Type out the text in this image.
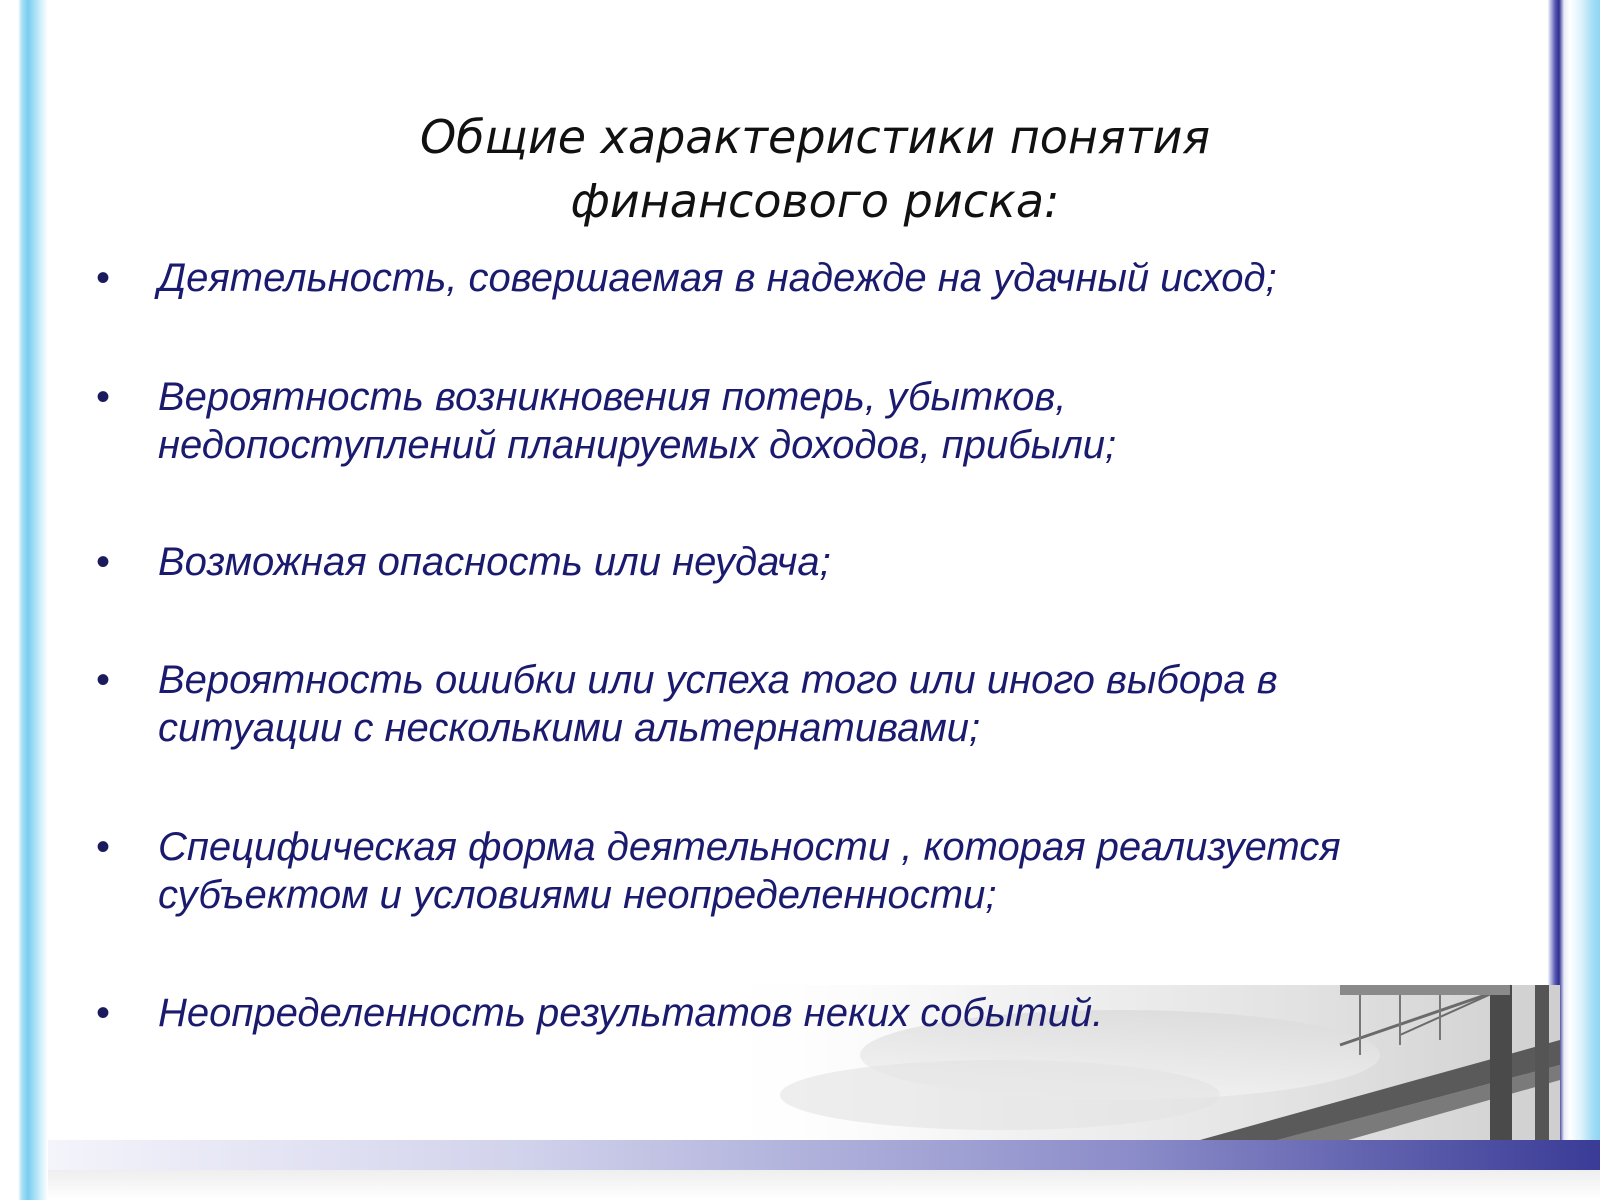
Общие характеристики понятия
финансового риска:
• Деятельность, совершаемая в надежде на удачный исход;
• Вероятность возникновения потерь, убытков,
недопоступлений планируемых доходов, прибыли;
• Возможная опасность или неудача;
• Вероятность ошибки или успеха того или иного выбора в
ситуации с несколькими альтернативами;
• Специфическая форма деятельности , которая реализуется
субъектом и условиями неопределенности;
• Неопределенность результатов неких событий.
